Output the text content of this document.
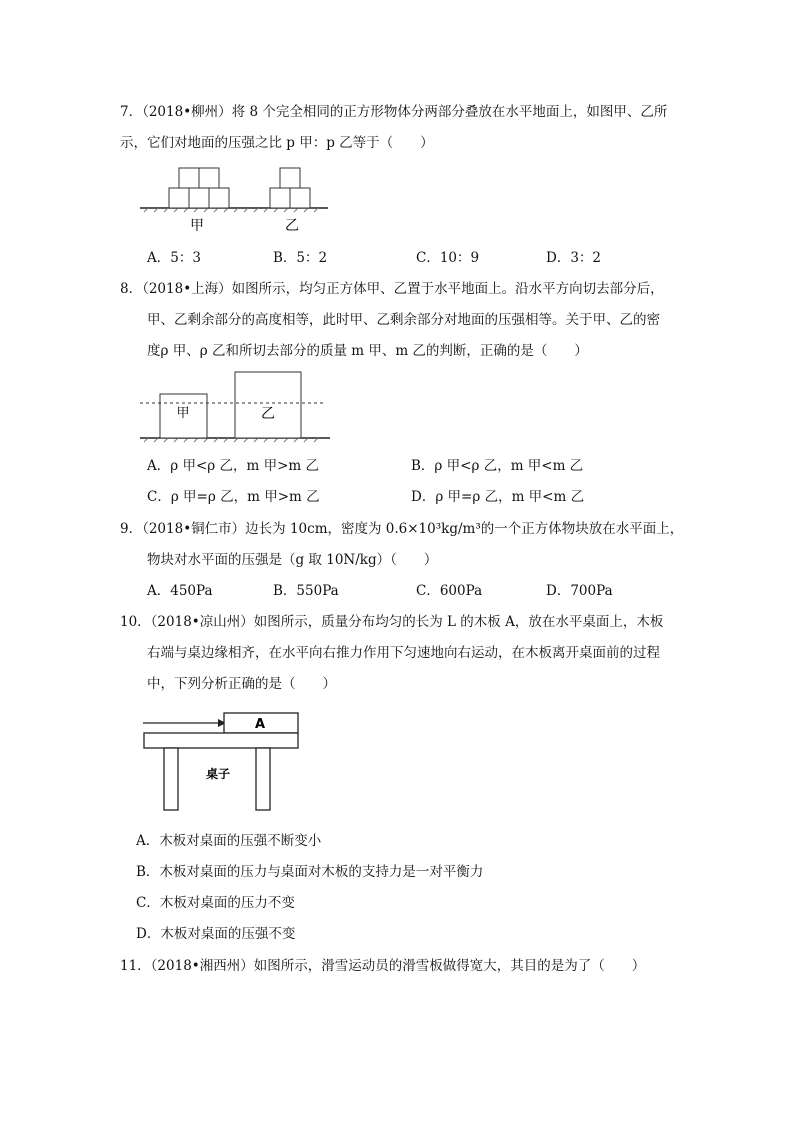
7．（2018•柳州）将 8 个完全相同的正方形物体分两部分叠放在水平地面上，如图甲、乙所
示，它们对地面的压强之比 p 甲：p 乙等于（　　）
甲	乙
A．5：3	B．5：2	C．10：9	D．3：2
8．（2018•上海）如图所示，均匀正方体甲、乙置于水平地面上。沿水平方向切去部分后，
甲、乙剩余部分的高度相等，此时甲、乙剩余部分对地面的压强相等。关于甲、乙的密
度ρ 甲、ρ 乙和所切去部分的质量 m 甲、m 乙的判断，正确的是（　　）
甲	乙
A．ρ 甲<ρ 乙，m 甲>m 乙	B．ρ 甲<ρ 乙，m 甲<m 乙
C．ρ 甲=ρ 乙，m 甲>m 乙	D．ρ 甲=ρ 乙，m 甲<m 乙
9．（2018•铜仁市）边长为 10cm，密度为 0.6×10³kg/m³的一个正方体物块放在水平面上，
物块对水平面的压强是（g 取 10N/kg）（　　）
A．450Pa	B．550Pa	C．600Pa	D．700Pa
10．（2018•凉山州）如图所示，质量分布均匀的长为 L 的木板 A，放在水平桌面上，木板
右端与桌边缘相齐，在水平向右推力作用下匀速地向右运动，在木板离开桌面前的过程
中，下列分析正确的是（　　）
A
桌子
A．木板对桌面的压强不断变小
B．木板对桌面的压力与桌面对木板的支持力是一对平衡力
C．木板对桌面的压力不变
D．木板对桌面的压强不变
11．（2018•湘西州）如图所示，滑雪运动员的滑雪板做得宽大，其目的是为了（　　）
